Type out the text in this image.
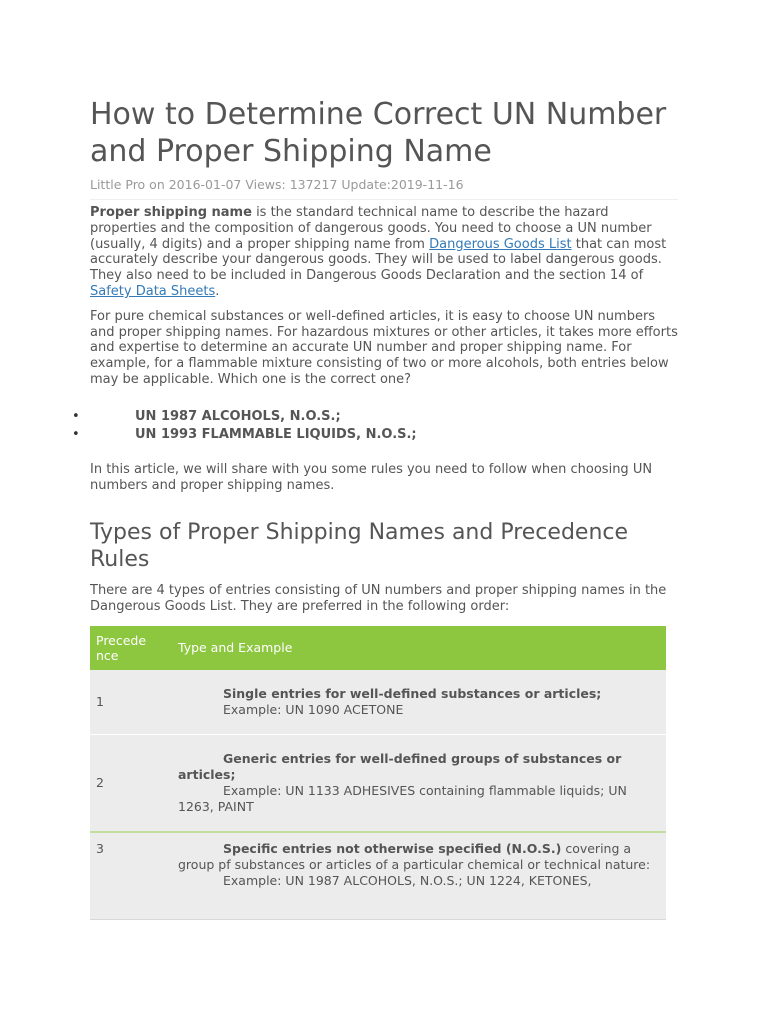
How to Determine Correct UN Number and Proper Shipping Name
Little Pro on 2016-01-07 Views: 137217 Update:2019-11-16

Proper shipping name is the standard technical name to describe the hazard properties and the composition of dangerous goods. You need to choose a UN number (usually, 4 digits) and a proper shipping name from Dangerous Goods List that can most accurately describe your dangerous goods. They will be used to label dangerous goods. They also need to be included in Dangerous Goods Declaration and the section 14 of Safety Data Sheets.

For pure chemical substances or well-defined articles, it is easy to choose UN numbers and proper shipping names. For hazardous mixtures or other articles, it takes more efforts and expertise to determine an accurate UN number and proper shipping name. For example, for a flammable mixture consisting of two or more alcohols, both entries below may be applicable. Which one is the correct one?

•	UN 1987 ALCOHOLS, N.O.S.;
•	UN 1993 FLAMMABLE LIQUIDS, N.O.S.;

In this article, we will share with you some rules you need to follow when choosing UN numbers and proper shipping names.

Types of Proper Shipping Names and Precedence Rules

There are 4 types of entries consisting of UN numbers and proper shipping names in the Dangerous Goods List. They are preferred in the following order:

Precede nce	Type and Example
1	Single entries for well-defined substances or articles;
Example: UN 1090 ACETONE
2	Generic entries for well-defined groups of substances or articles;
Example: UN 1133 ADHESIVES containing flammable liquids; UN 1263, PAINT
3	Specific entries not otherwise specified (N.O.S.) covering a group pf substances or articles of a particular chemical or technical nature:
Example: UN 1987 ALCOHOLS, N.O.S.; UN 1224, KETONES,
